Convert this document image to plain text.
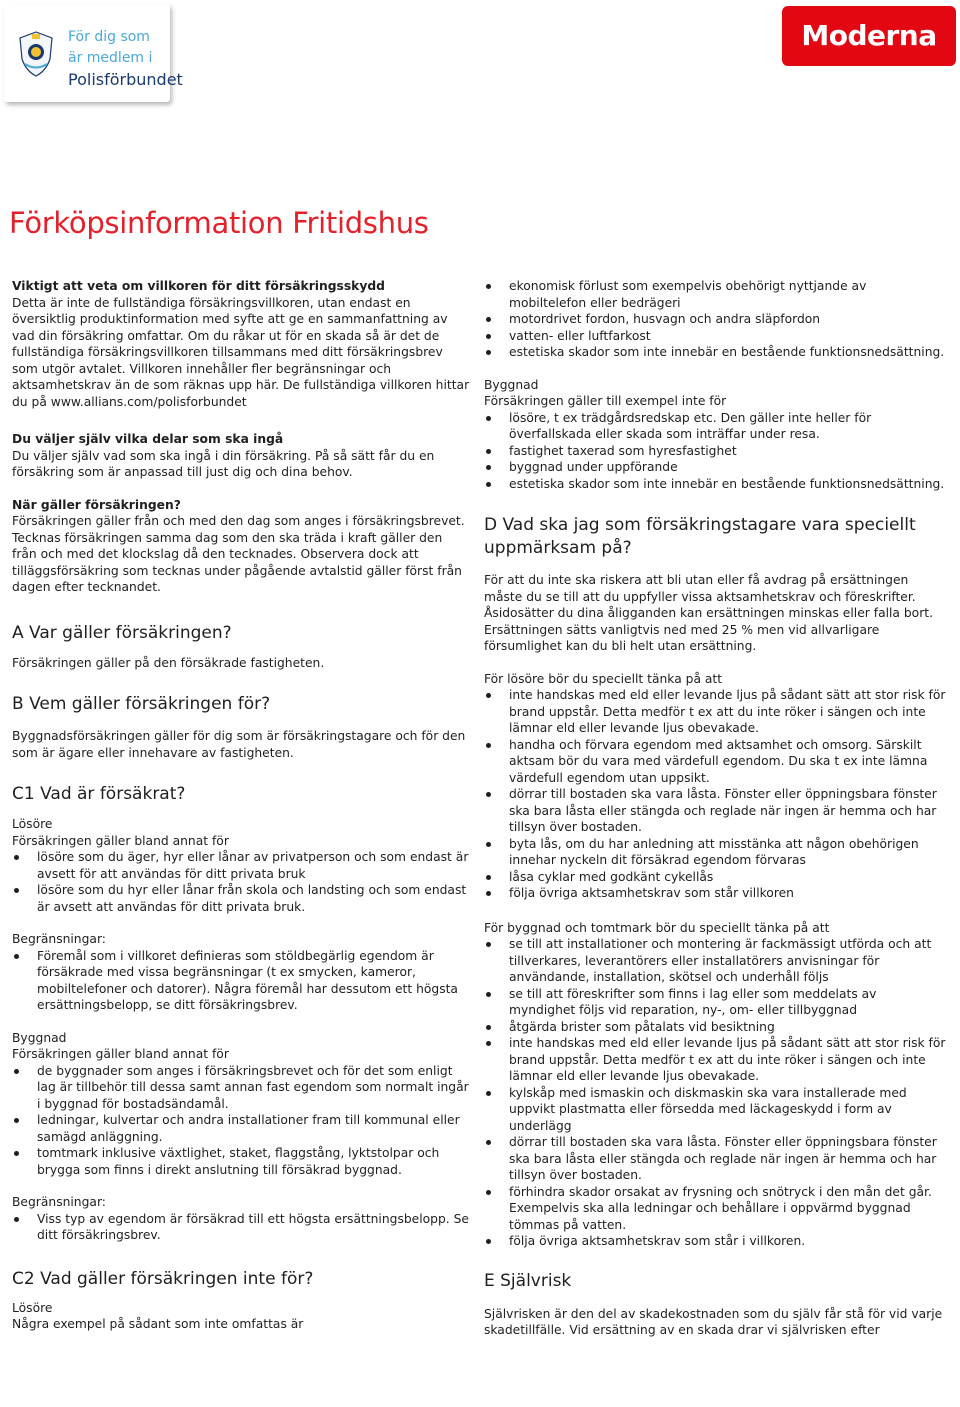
För dig som
är medlem i
Polisförbundet
Moderna
Förköpsinformation Fritidshus

Viktigt att veta om villkoren för ditt försäkringsskydd

Detta är inte de fullständiga försäkringsvillkoren, utan endast en översiktlig produktinformation med syfte att ge en sammanfattning av vad din försäkring omfattar. Om du råkar ut för en skada så är det de fullständiga försäkringsvillkoren tillsammans med ditt försäkringsbrev som utgör avtalet. Villkoren innehåller fler begränsningar och aktsamhetskrav än de som räknas upp här. De fullständiga villkoren hittar du på www.allians.com/polisforbundet

Du väljer själv vilka delar som ska ingå

Du väljer själv vad som ska ingå i din försäkring. På så sätt får du en försäkring som är anpassad till just dig och dina behov.

När gäller försäkringen?

Försäkringen gäller från och med den dag som anges i försäkringsbrevet. Tecknas försäkringen samma dag som den ska träda i kraft gäller den från och med det klockslag då den tecknades. Observera dock att tilläggsförsäkring som tecknas under pågående avtalstid gäller först från dagen efter tecknandet.

A Var gäller försäkringen?

Försäkringen gäller på den försäkrade fastigheten.

B Vem gäller försäkringen för?

Byggnadsförsäkringen gäller för dig som är försäkringstagare och för den som är ägare eller innehavare av fastigheten.

C1 Vad är försäkrat?

Lösöre

Försäkringen gäller bland annat för

lösöre som du äger, hyr eller lånar av privatperson och som endast är avsett för att användas för ditt privata bruk
lösöre som du hyr eller lånar från skola och landsting och som endast är avsett att användas för ditt privata bruk.

Begränsningar:

Föremål som i villkoret definieras som stöldbegärlig egendom är försäkrade med vissa begränsningar (t ex smycken, kameror, mobiltelefoner och datorer). Några föremål har dessutom ett högsta ersättningsbelopp, se ditt försäkringsbrev.

Byggnad

Försäkringen gäller bland annat för

de byggnader som anges i försäkringsbrevet och för det som enligt lag är tillbehör till dessa samt annan fast egendom som normalt ingår i byggnad för bostadsändamål.
ledningar, kulvertar och andra installationer fram till kommunal eller samägd anläggning.
tomtmark inklusive växtlighet, staket, flaggstång, lyktstolpar och brygga som finns i direkt anslutning till försäkrad byggnad.

Begränsningar:

Viss typ av egendom är försäkrad till ett högsta ersättningsbelopp. Se ditt försäkringsbrev.
C2 Vad gäller försäkringen inte för?

Lösöre

Några exempel på sådant som inte omfattas är

ekonomisk förlust som exempelvis obehörigt nyttjande av mobiltelefon eller bedrägeri
motordrivet fordon, husvagn och andra släpfordon
vatten- eller luftfarkost
estetiska skador som inte innebär en bestående funktionsnedsättning.

Byggnad

Försäkringen gäller till exempel inte för

lösöre, t ex trädgårdsredskap etc. Den gäller inte heller för överfallskada eller skada som inträffar under resa.
fastighet taxerad som hyresfastighet
byggnad under uppförande
estetiska skador som inte innebär en bestående funktionsnedsättning.
D Vad ska jag som försäkringstagare vara speciellt uppmärksam på?

För att du inte ska riskera att bli utan eller få avdrag på ersättningen måste du se till att du uppfyller vissa aktsamhetskrav och föreskrifter. Åsidosätter du dina åligganden kan ersättningen minskas eller falla bort. Ersättningen sätts vanligtvis ned med 25 % men vid allvarligare försumlighet kan du bli helt utan ersättning.

För lösöre bör du speciellt tänka på att

inte handskas med eld eller levande ljus på sådant sätt att stor risk för brand uppstår. Detta medför t ex att du inte röker i sängen och inte lämnar eld eller levande ljus obevakade.
handha och förvara egendom med aktsamhet och omsorg. Särskilt aktsam bör du vara med värdefull egendom. Du ska t ex inte lämna värdefull egendom utan uppsikt.
dörrar till bostaden ska vara låsta. Fönster eller öppningsbara fönster ska bara låsta eller stängda och reglade när ingen är hemma och har tillsyn över bostaden.
byta lås, om du har anledning att misstänka att någon obehörigen innehar nyckeln dit försäkrad egendom förvaras
låsa cyklar med godkänt cykellås
följa övriga aktsamhetskrav som står villkoren

För byggnad och tomtmark bör du speciellt tänka på att

se till att installationer och montering är fackmässigt utförda och att tillverkares, leverantörers eller installatörers anvisningar för användande, installation, skötsel och underhåll följs
se till att föreskrifter som finns i lag eller som meddelats av myndighet följs vid reparation, ny-, om- eller tillbyggnad
åtgärda brister som påtalats vid besiktning
inte handskas med eld eller levande ljus på sådant sätt att stor risk för brand uppstår. Detta medför t ex att du inte röker i sängen och inte lämnar eld eller levande ljus obevakade.
kylskåp med ismaskin och diskmaskin ska vara installerade med uppvikt plastmatta eller försedda med läckageskydd i form av underlägg
dörrar till bostaden ska vara låsta. Fönster eller öppningsbara fönster ska bara låsta eller stängda och reglade när ingen är hemma och har tillsyn över bostaden.
förhindra skador orsakat av frysning och snötryck i den mån det går. Exempelvis ska alla ledningar och behållare i oppvärmd byggnad tömmas på vatten.
följa övriga aktsamhetskrav som står i villkoren.
E Självrisk

Självrisken är den del av skadekostnaden som du själv får stå för vid varje skadetillfälle. Vid ersättning av en skada drar vi självrisken efter
